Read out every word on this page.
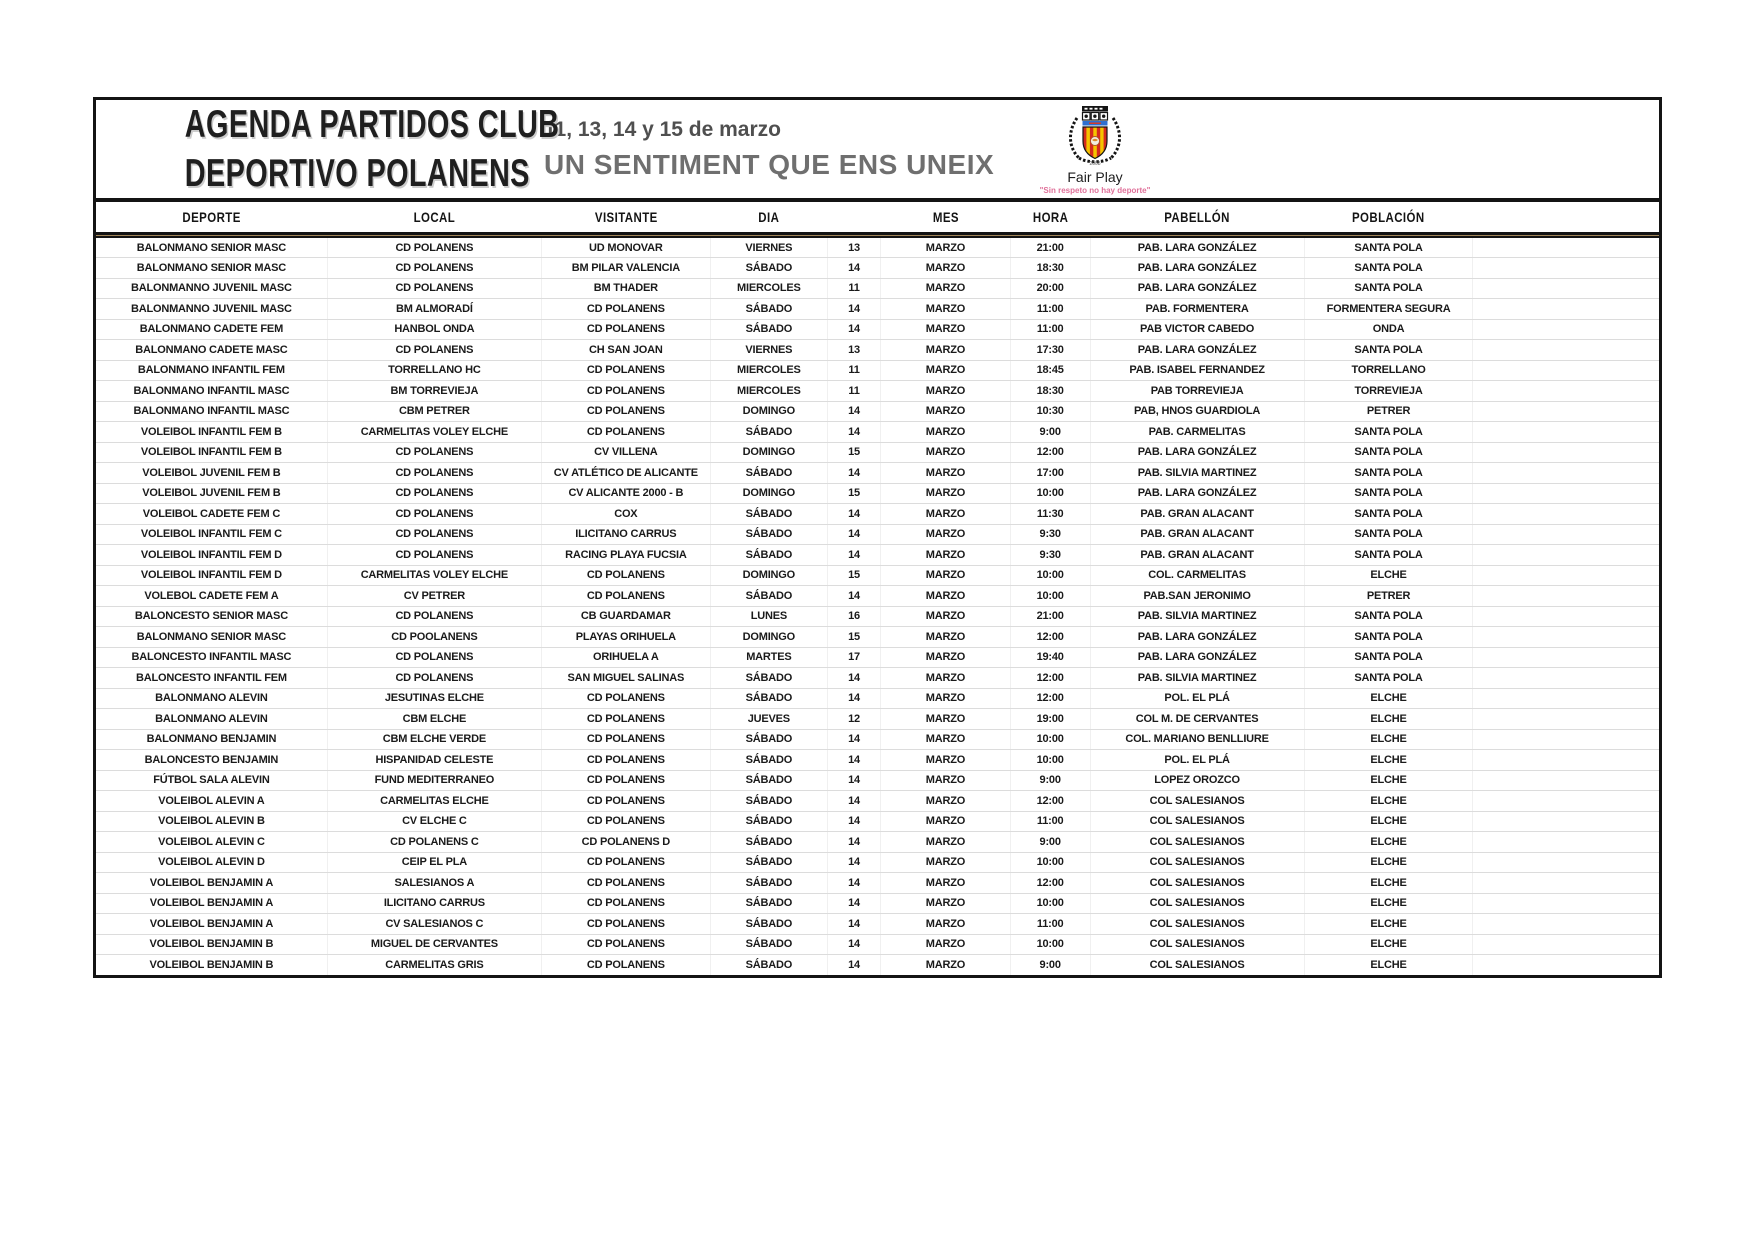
AGENDA PARTIDOS CLUB
DEPORTIVO POLANENS
11, 13, 14 y 15 de marzo
UN SENTIMENT QUE ENS UNEIX	2008
Fair Play
"Sin respeto no hay deporte"
DEPORTE	LOCAL	VISITANTE	DIA		MES	HORA	PABELLÓN	POBLACIÓN	

BALONMANO SENIOR MASC	CD POLANENS	UD MONOVAR	VIERNES	13	MARZO	21:00	PAB. LARA GONZÁLEZ	SANTA POLA	
BALONMANO SENIOR MASC	CD POLANENS	BM PILAR VALENCIA	SÁBADO	14	MARZO	18:30	PAB. LARA GONZÁLEZ	SANTA POLA	
BALONMANNO JUVENIL MASC	CD POLANENS	BM THADER	MIERCOLES	11	MARZO	20:00	PAB. LARA GONZÁLEZ	SANTA POLA	
BALONMANNO JUVENIL MASC	BM ALMORADÍ	CD POLANENS	SÁBADO	14	MARZO	11:00	PAB. FORMENTERA	FORMENTERA SEGURA	
BALONMANO CADETE FEM	HANBOL ONDA	CD POLANENS	SÁBADO	14	MARZO	11:00	PAB VICTOR CABEDO	ONDA	
BALONMANO CADETE MASC	CD POLANENS	CH SAN JOAN	VIERNES	13	MARZO	17:30	PAB. LARA GONZÁLEZ	SANTA POLA	
BALONMANO INFANTIL FEM	TORRELLANO HC	CD POLANENS	MIERCOLES	11	MARZO	18:45	PAB. ISABEL FERNANDEZ	TORRELLANO	
BALONMANO INFANTIL MASC	BM TORREVIEJA	CD POLANENS	MIERCOLES	11	MARZO	18:30	PAB TORREVIEJA	TORREVIEJA	
BALONMANO INFANTIL MASC	CBM PETRER	CD POLANENS	DOMINGO	14	MARZO	10:30	PAB, HNOS GUARDIOLA	PETRER	
VOLEIBOL INFANTIL FEM B	CARMELITAS VOLEY ELCHE	CD POLANENS	SÁBADO	14	MARZO	9:00	PAB. CARMELITAS	SANTA POLA	
VOLEIBOL INFANTIL FEM B	CD POLANENS	CV VILLENA	DOMINGO	15	MARZO	12:00	PAB. LARA GONZÁLEZ	SANTA POLA	
VOLEIBOL JUVENIL FEM B	CD POLANENS	CV ATLÉTICO DE ALICANTE	SÁBADO	14	MARZO	17:00	PAB. SILVIA MARTINEZ	SANTA POLA	
VOLEIBOL JUVENIL FEM B	CD POLANENS	CV ALICANTE 2000 - B	DOMINGO	15	MARZO	10:00	PAB. LARA GONZÁLEZ	SANTA POLA	
VOLEIBOL CADETE FEM C	CD POLANENS	COX	SÁBADO	14	MARZO	11:30	PAB. GRAN ALACANT	SANTA POLA	
VOLEIBOL INFANTIL FEM C	CD POLANENS	ILICITANO CARRUS	SÁBADO	14	MARZO	9:30	PAB. GRAN ALACANT	SANTA POLA	
VOLEIBOL INFANTIL FEM D	CD POLANENS	RACING PLAYA FUCSIA	SÁBADO	14	MARZO	9:30	PAB. GRAN ALACANT	SANTA POLA	
VOLEIBOL INFANTIL FEM D	CARMELITAS VOLEY ELCHE	CD POLANENS	DOMINGO	15	MARZO	10:00	COL. CARMELITAS	ELCHE	
VOLEBOL CADETE FEM A	CV PETRER	CD POLANENS	SÁBADO	14	MARZO	10:00	PAB.SAN JERONIMO	PETRER	
BALONCESTO SENIOR MASC	CD POLANENS	CB GUARDAMAR	LUNES	16	MARZO	21:00	PAB. SILVIA MARTINEZ	SANTA POLA	
BALONMANO SENIOR MASC	CD POOLANENS	PLAYAS ORIHUELA	DOMINGO	15	MARZO	12:00	PAB. LARA GONZÁLEZ	SANTA POLA	
BALONCESTO INFANTIL MASC	CD POLANENS	ORIHUELA A	MARTES	17	MARZO	19:40	PAB. LARA GONZÁLEZ	SANTA POLA	
BALONCESTO INFANTIL FEM	CD POLANENS	SAN MIGUEL SALINAS	SÁBADO	14	MARZO	12:00	PAB. SILVIA MARTINEZ	SANTA POLA	
BALONMANO ALEVIN	JESUTINAS ELCHE	CD POLANENS	SÁBADO	14	MARZO	12:00	POL. EL PLÁ	ELCHE	
BALONMANO ALEVIN	CBM ELCHE	CD POLANENS	JUEVES	12	MARZO	19:00	COL M. DE CERVANTES	ELCHE	
BALONMANO BENJAMIN	CBM ELCHE VERDE	CD POLANENS	SÁBADO	14	MARZO	10:00	COL. MARIANO BENLLIURE	ELCHE	
BALONCESTO BENJAMIN	HISPANIDAD CELESTE	CD POLANENS	SÁBADO	14	MARZO	10:00	POL. EL PLÁ	ELCHE	
FÚTBOL SALA ALEVIN	FUND MEDITERRANEO	CD POLANENS	SÁBADO	14	MARZO	9:00	LOPEZ OROZCO	ELCHE	
VOLEIBOL ALEVIN A	CARMELITAS ELCHE	CD POLANENS	SÁBADO	14	MARZO	12:00	COL SALESIANOS	ELCHE	
VOLEIBOL ALEVIN B	CV ELCHE C	CD POLANENS	SÁBADO	14	MARZO	11:00	COL SALESIANOS	ELCHE	
VOLEIBOL ALEVIN C	CD POLANENS C	CD POLANENS D	SÁBADO	14	MARZO	9:00	COL SALESIANOS	ELCHE	
VOLEIBOL ALEVIN D	CEIP EL PLA	CD POLANENS	SÁBADO	14	MARZO	10:00	COL SALESIANOS	ELCHE	
VOLEIBOL BENJAMIN A	SALESIANOS A	CD POLANENS	SÁBADO	14	MARZO	12:00	COL SALESIANOS	ELCHE	
VOLEIBOL BENJAMIN A	ILICITANO CARRUS	CD POLANENS	SÁBADO	14	MARZO	10:00	COL SALESIANOS	ELCHE	
VOLEIBOL BENJAMIN A	CV SALESIANOS C	CD POLANENS	SÁBADO	14	MARZO	11:00	COL SALESIANOS	ELCHE	
VOLEIBOL BENJAMIN B	MIGUEL DE CERVANTES	CD POLANENS	SÁBADO	14	MARZO	10:00	COL SALESIANOS	ELCHE	
VOLEIBOL BENJAMIN B	CARMELITAS GRIS	CD POLANENS	SÁBADO	14	MARZO	9:00	COL SALESIANOS	ELCHE	
